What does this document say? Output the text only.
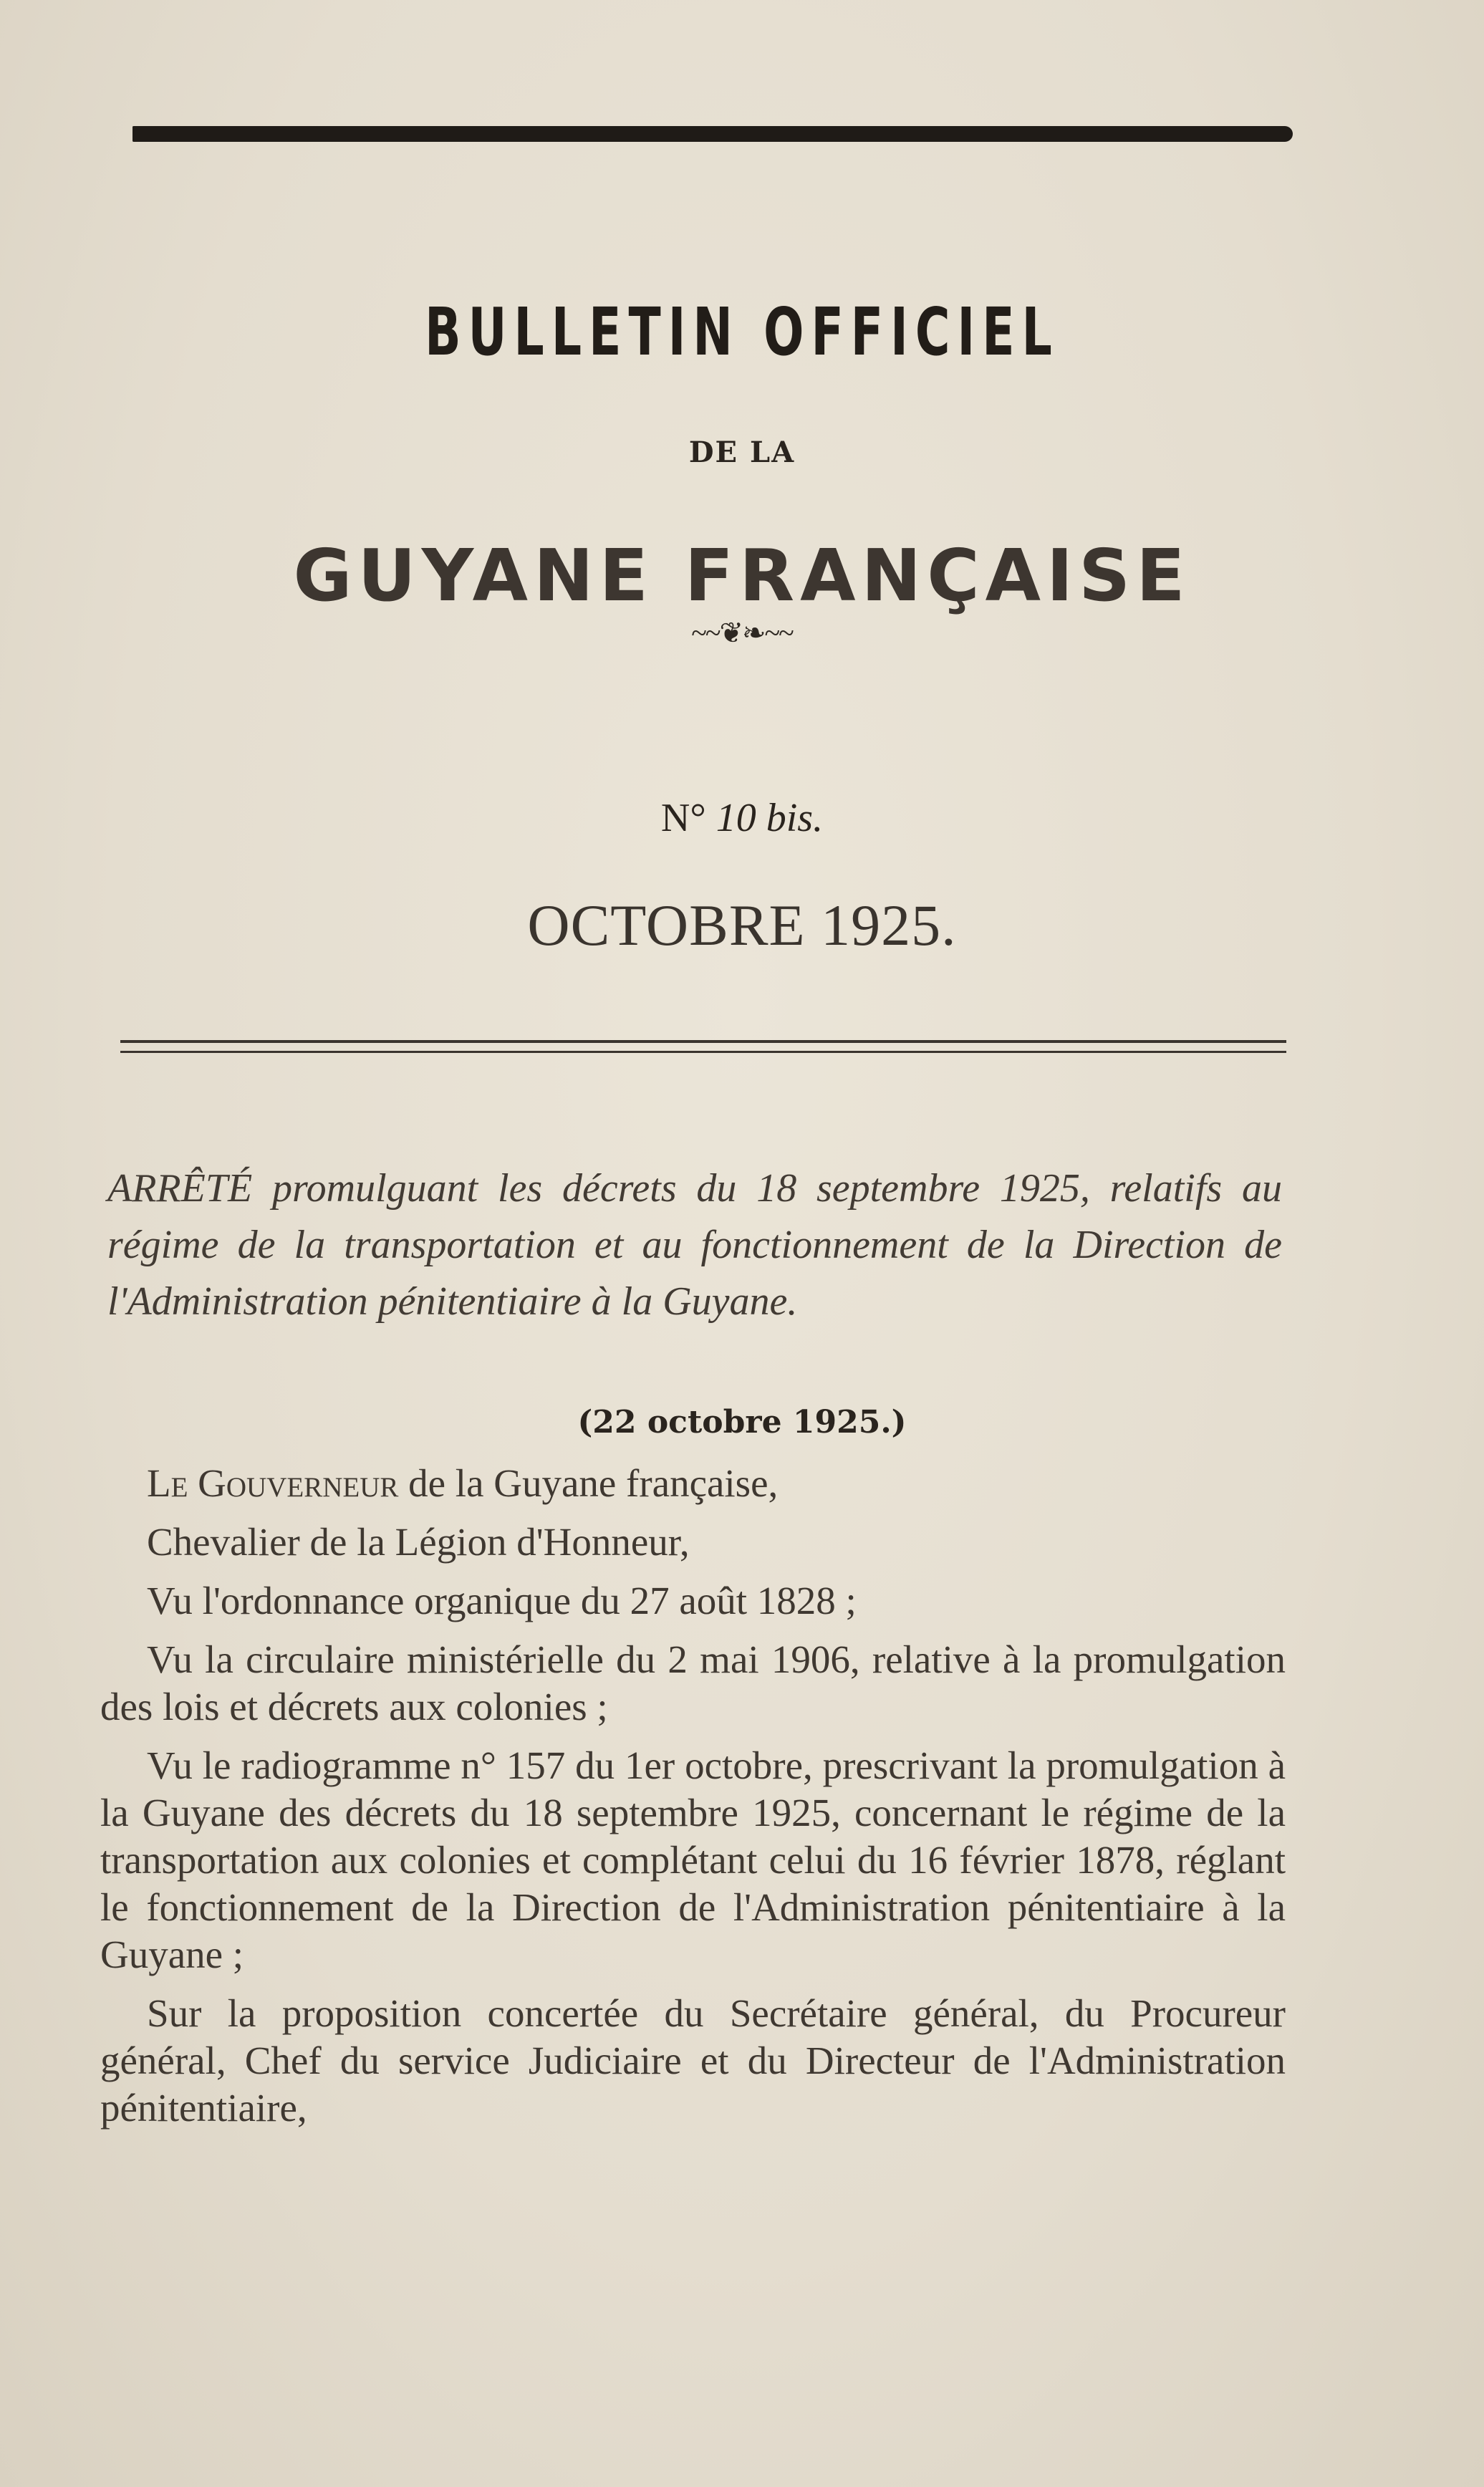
BULLETIN OFFICIEL
DE LA
GUYANE FRANÇAISE
~~❦❧~~
N° 10 bis.
OCTOBRE 1925.
ARRÊTÉ promulguant les décrets du 18 septembre 1925, relatifs au régime de la transportation et au fonctionnement de la Direction de l'Administration pénitentiaire à la Guyane.
(22 octobre 1925.)

Le Gouverneur de la Guyane française,

Chevalier de la Légion d'Honneur,

Vu l'ordonnance organique du 27 août 1828 ;

Vu la circulaire ministérielle du 2 mai 1906, relative à la promulgation des lois et décrets aux colonies ;

Vu le radiogramme n° 157 du 1er octobre, prescrivant la promulgation à la Guyane des décrets du 18 septembre 1925, concernant le régime de la transportation aux colonies et complétant celui du 16 février 1878, réglant le fonctionnement de la Direction de l'Administration pénitentiaire à la Guyane ;

Sur la proposition concertée du Secrétaire général, du Procureur général, Chef du service Judiciaire et du Directeur de l'Administration pénitentiaire,
